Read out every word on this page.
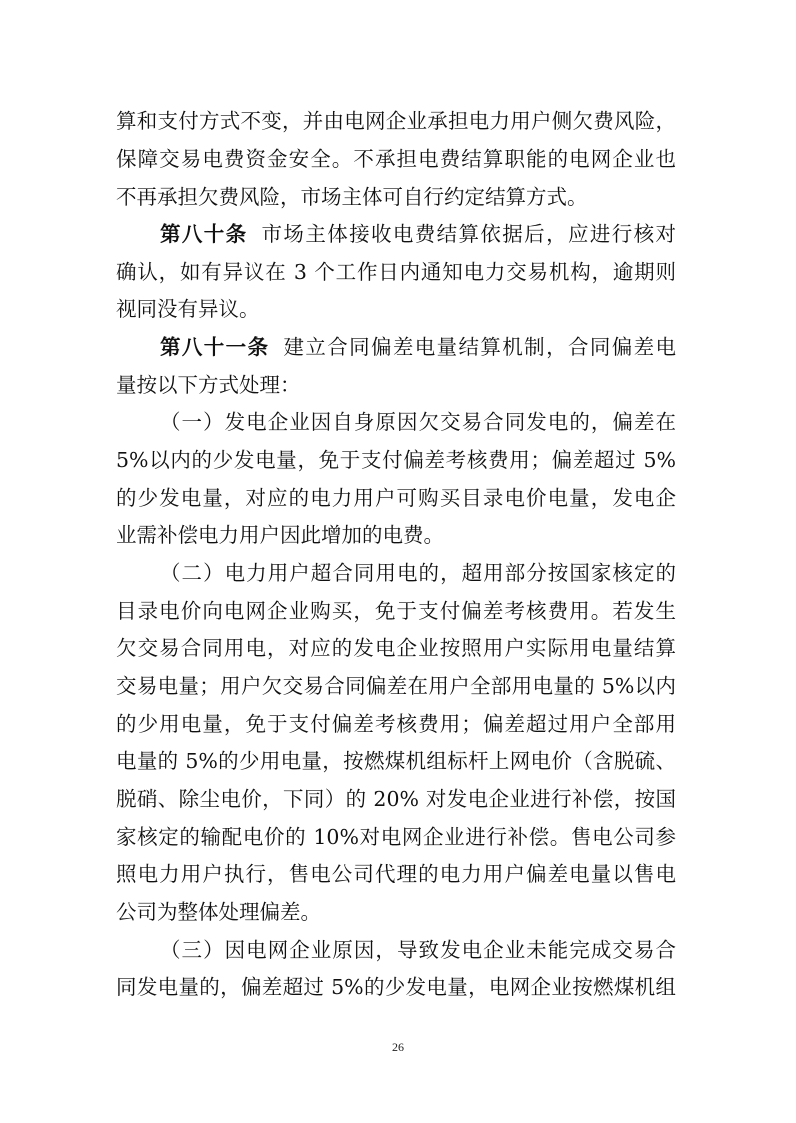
算和支付方式不变，并由电网企业承担电力用户侧欠费风险，
保障交易电费资金安全。不承担电费结算职能的电网企业也
不再承担欠费风险，市场主体可自行约定结算方式。
第八十条 市场主体接收电费结算依据后，应进行核对
确认，如有异议在 3 个工作日内通知电力交易机构，逾期则
视同没有异议。
第八十一条 建立合同偏差电量结算机制，合同偏差电
量按以下方式处理：
（一）发电企业因自身原因欠交易合同发电的，偏差在
5%以内的少发电量，免于支付偏差考核费用；偏差超过 5%
的少发电量，对应的电力用户可购买目录电价电量，发电企
业需补偿电力用户因此增加的电费。
（二）电力用户超合同用电的，超用部分按国家核定的
目录电价向电网企业购买，免于支付偏差考核费用。若发生
欠交易合同用电，对应的发电企业按照用户实际用电量结算
交易电量；用户欠交易合同偏差在用户全部用电量的 5%以内
的少用电量，免于支付偏差考核费用；偏差超过用户全部用
电量的 5%的少用电量，按燃煤机组标杆上网电价（含脱硫、
脱硝、除尘电价，下同）的 20% 对发电企业进行补偿，按国
家核定的输配电价的 10%对电网企业进行补偿。售电公司参
照电力用户执行，售电公司代理的电力用户偏差电量以售电
公司为整体处理偏差。
（三）因电网企业原因，导致发电企业未能完成交易合
同发电量的，偏差超过 5%的少发电量，电网企业按燃煤机组
26
